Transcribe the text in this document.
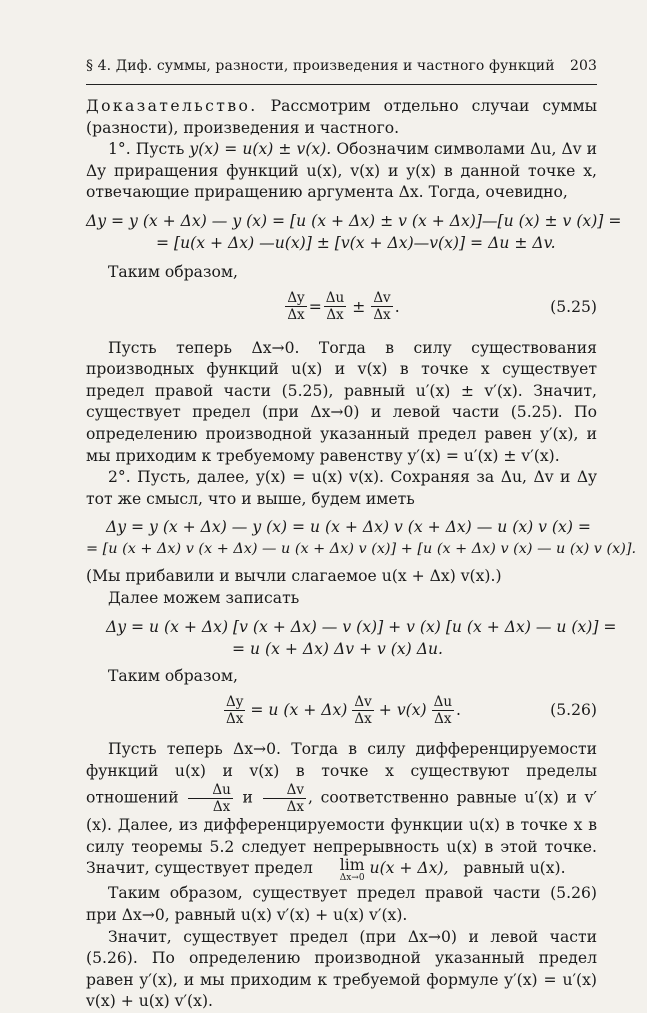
§ 4. Диф. суммы, разности, произведения и частного функций 203

Доказательство. Рассмотрим отдельно случаи суммы (разности), произведения и частного.

1°. Пусть y(x) = u(x) ± v(x). Обозначим символами Δu, Δv и Δy приращения функций u(x), v(x) и y(x) в данной точке x, отвечающие приращению аргумента Δx. Тогда, очевидно,

Δy = y (x + Δx) — y (x) = [u (x + Δx) ± v (x + Δx)]—[u (x) ± v (x)] =
= [u(x + Δx) —u(x)] ± [v(x + Δx)—v(x)] = Δu ± Δv.

Таким образом,

$\frac{\Delta y}{\Delta x} = \frac{\Delta u}{\Delta x} \pm \frac{\Delta v}{\Delta x}$ .	(5.25)

Пусть теперь Δx→0. Тогда в силу существования производных функций u(x) и v(x) в точке x существует предел правой части (5.25), равный u′(x) ± v′(x). Значит, существует предел (при Δx→0) и левой части (5.25). По определению производной указанный предел равен y′(x), и мы приходим к требуемому равенству y′(x) = u′(x) ± v′(x).

2°. Пусть, далее, y(x) = u(x) v(x). Сохраняя за Δu, Δv и Δy тот же смысл, что и выше, будем иметь

Δy = y (x + Δx) — y (x) = u (x + Δx) v (x + Δx) — u (x) v (x) =
= [u (x + Δx) v (x + Δx) — u (x + Δx) v (x)] + [u (x + Δx) v (x) — u (x) v (x)].

(Мы прибавили и вычли слагаемое u(x + Δx) v(x).)

Далее можем записать

Δy = u (x + Δx) [v (x + Δx) — v (x)] + v (x) [u (x + Δx) — u (x)] =
= u (x + Δx) Δv + v (x) Δu.

Таким образом,

$\frac{\Delta y}{\Delta x} = u$ $(x + \Delta x) \frac{\Delta v}{\Delta x} + v(x) \frac{\Delta u}{\Delta x}$ .	(5.26)

Пусть теперь Δx→0. Тогда в силу дифференцируемости функций u(x) и v(x) в точке x существуют пределы отношений $\frac{\Delta u}{\Delta x}$ и $\frac{\Delta v}{\Delta x}$ , соответственно равные u′(x) и v′(x). Далее, из дифференцируемости функции u(x) в точке x в силу теоремы 5.2 следует непрерывность u(x) в этой точке. Значит, существует предел	lim
Δx→0
u(x + Δx), равный u(x).

Таким образом, существует предел правой части (5.26) при Δx→0, равный u(x) v′(x) + u(x) v′(x).

Значит, существует предел (при Δx→0) и левой части (5.26). По определению производной указанный предел равен y′(x), и мы приходим к требуемой формуле y′(x) = u′(x) v(x) + u(x) v′(x).
